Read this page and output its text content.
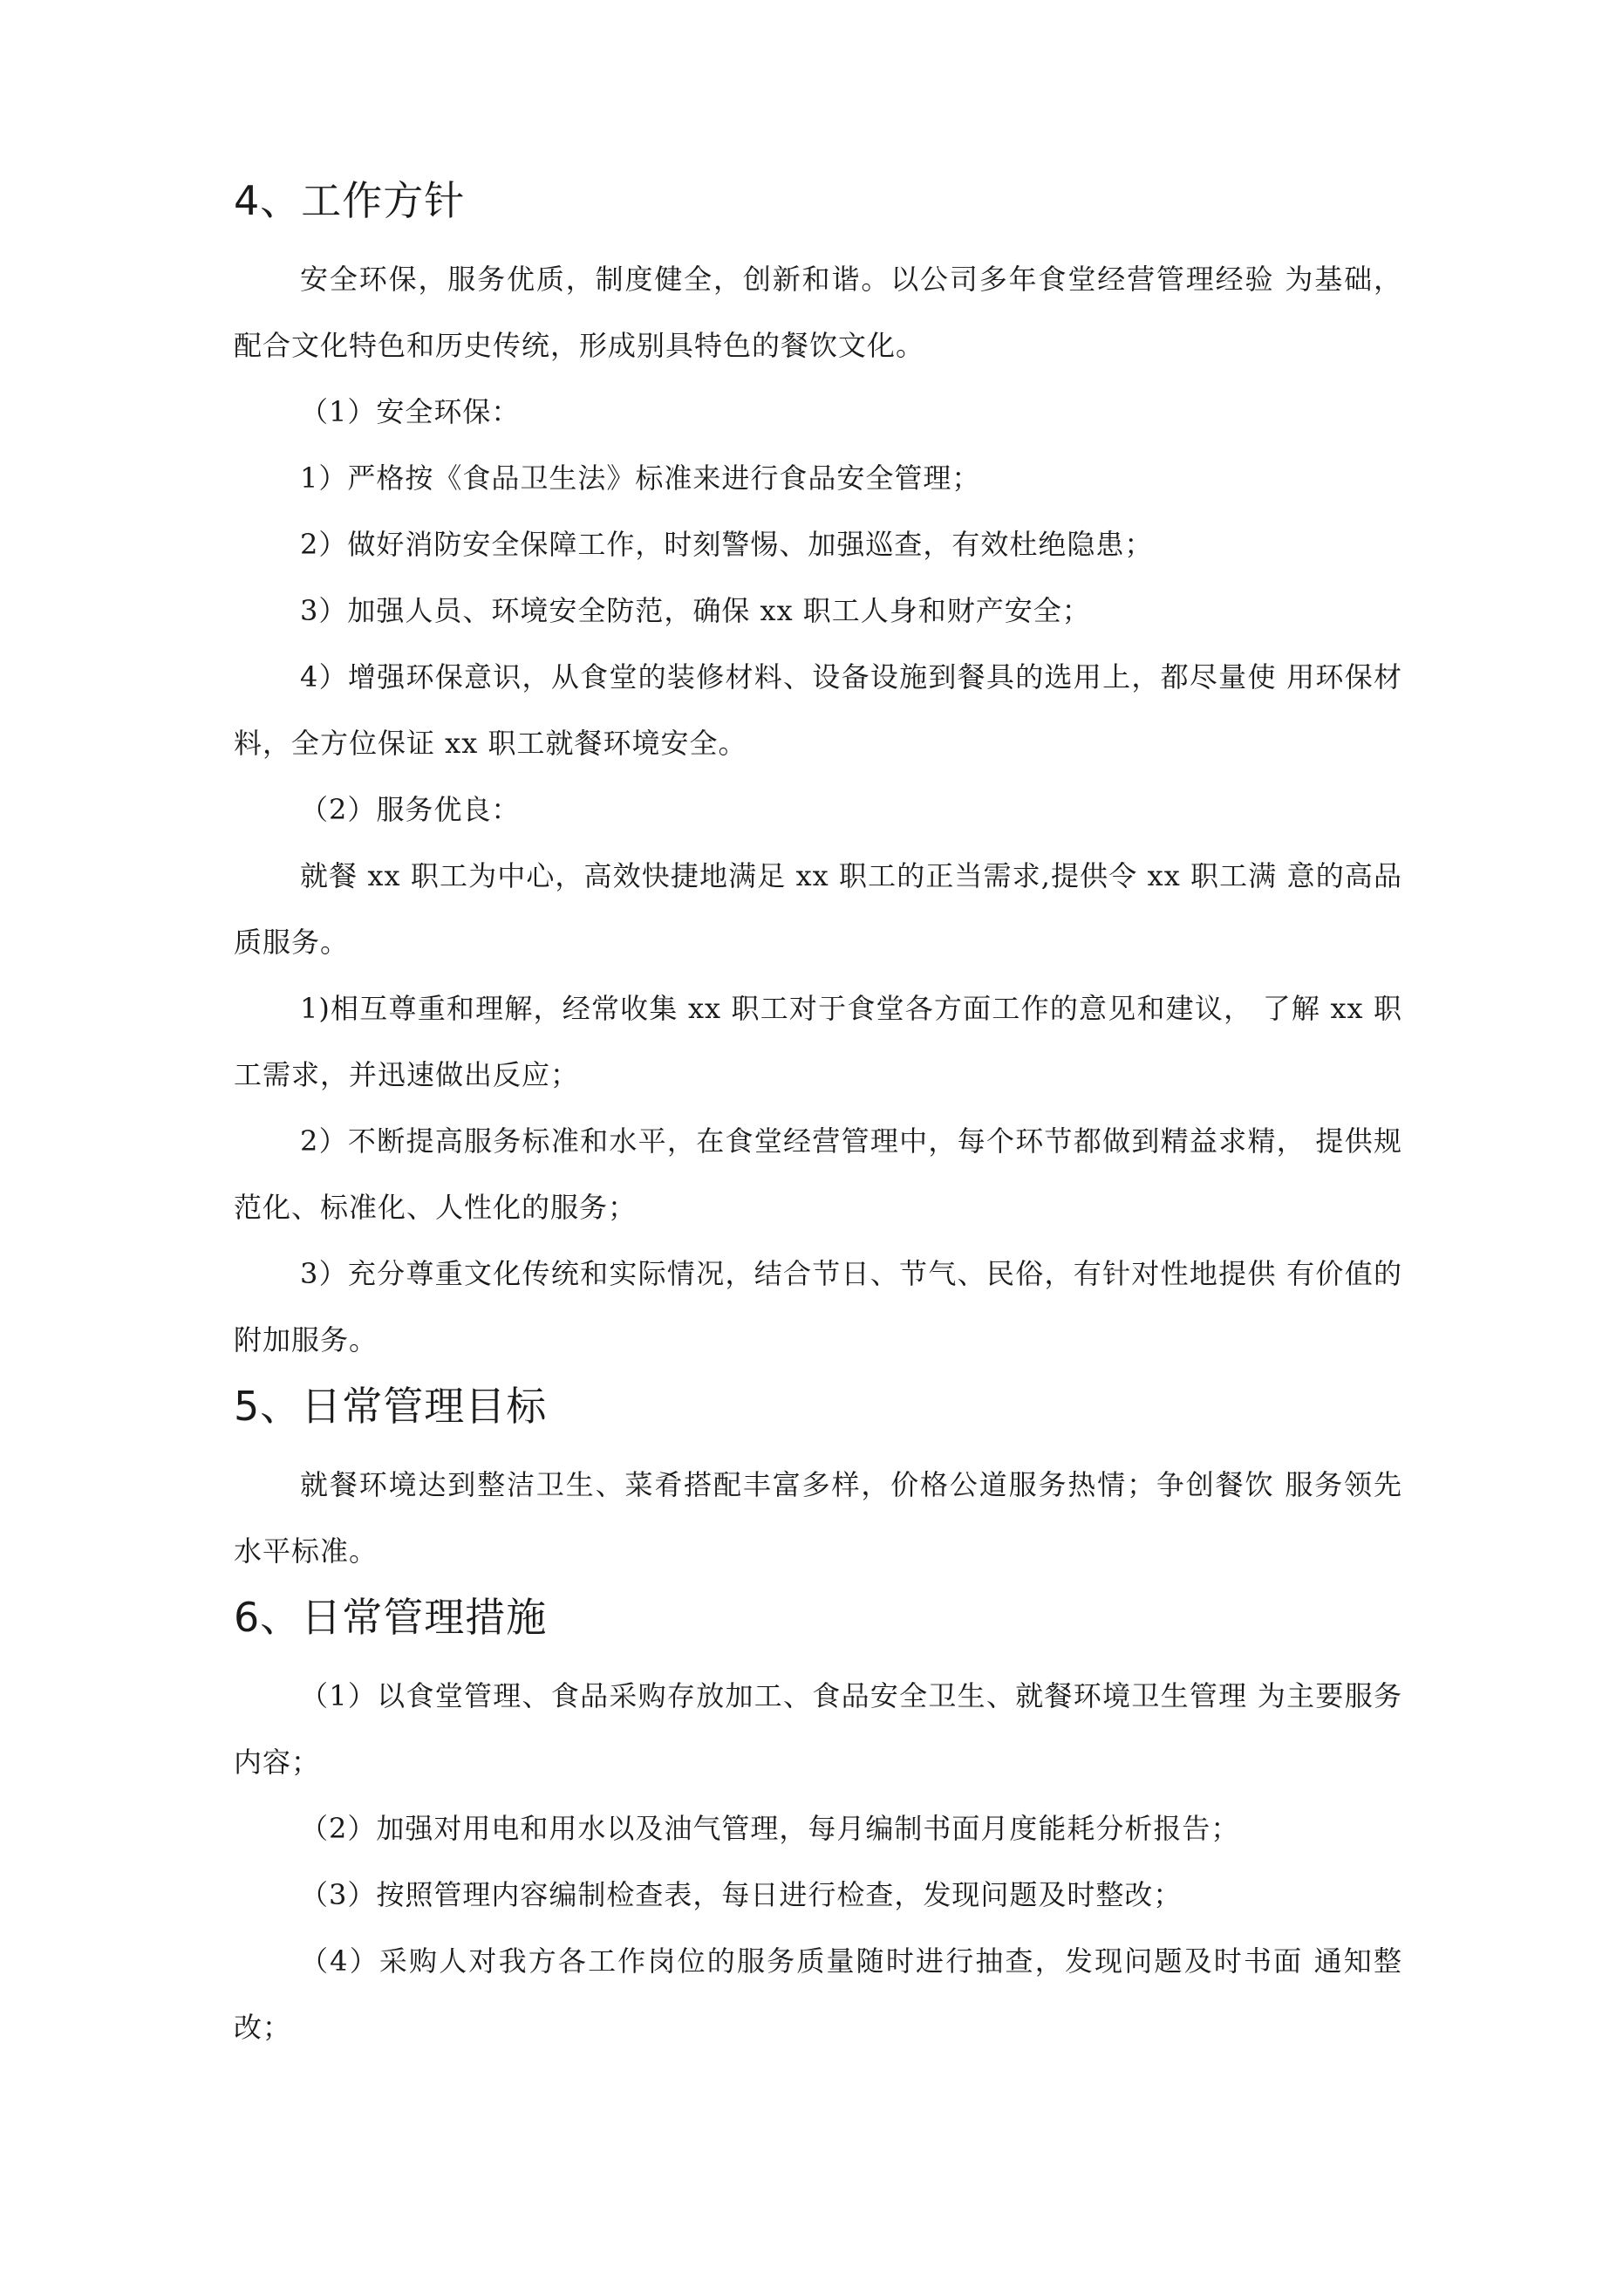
4、工作方针

安全环保，服务优质，制度健全，创新和谐。以公司多年食堂经营管理经验 为基础，配合文化特色和历史传统，形成别具特色的餐饮文化。

（1）安全环保：

1）严格按《食品卫生法》标准来进行食品安全管理；

2）做好消防安全保障工作，时刻警惕、加强巡查，有效杜绝隐患；

3）加强人员、环境安全防范，确保 xx 职工人身和财产安全；

4）增强环保意识，从食堂的装修材料、设备设施到餐具的选用上，都尽量使 用环保材料，全方位保证 xx 职工就餐环境安全。

（2）服务优良：

就餐 xx 职工为中心，高效快捷地满足 xx 职工的正当需求,提供令 xx 职工满 意的高品质服务。

1)相互尊重和理解，经常收集 xx 职工对于食堂各方面工作的意见和建议， 了解 xx 职工需求，并迅速做出反应；

2）不断提高服务标准和水平，在食堂经营管理中，每个环节都做到精益求精， 提供规范化、标准化、人性化的服务；

3）充分尊重文化传统和实际情况，结合节日、节气、民俗，有针对性地提供 有价值的附加服务。

5、日常管理目标

就餐环境达到整洁卫生、菜肴搭配丰富多样，价格公道服务热情；争创餐饮 服务领先水平标准。

6、日常管理措施

（1）以食堂管理、食品采购存放加工、食品安全卫生、就餐环境卫生管理 为主要服务内容；

（2）加强对用电和用水以及油气管理，每月编制书面月度能耗分析报告；

（3）按照管理内容编制检查表，每日进行检查，发现问题及时整改；

（4）采购人对我方各工作岗位的服务质量随时进行抽查，发现问题及时书面 通知整改；
